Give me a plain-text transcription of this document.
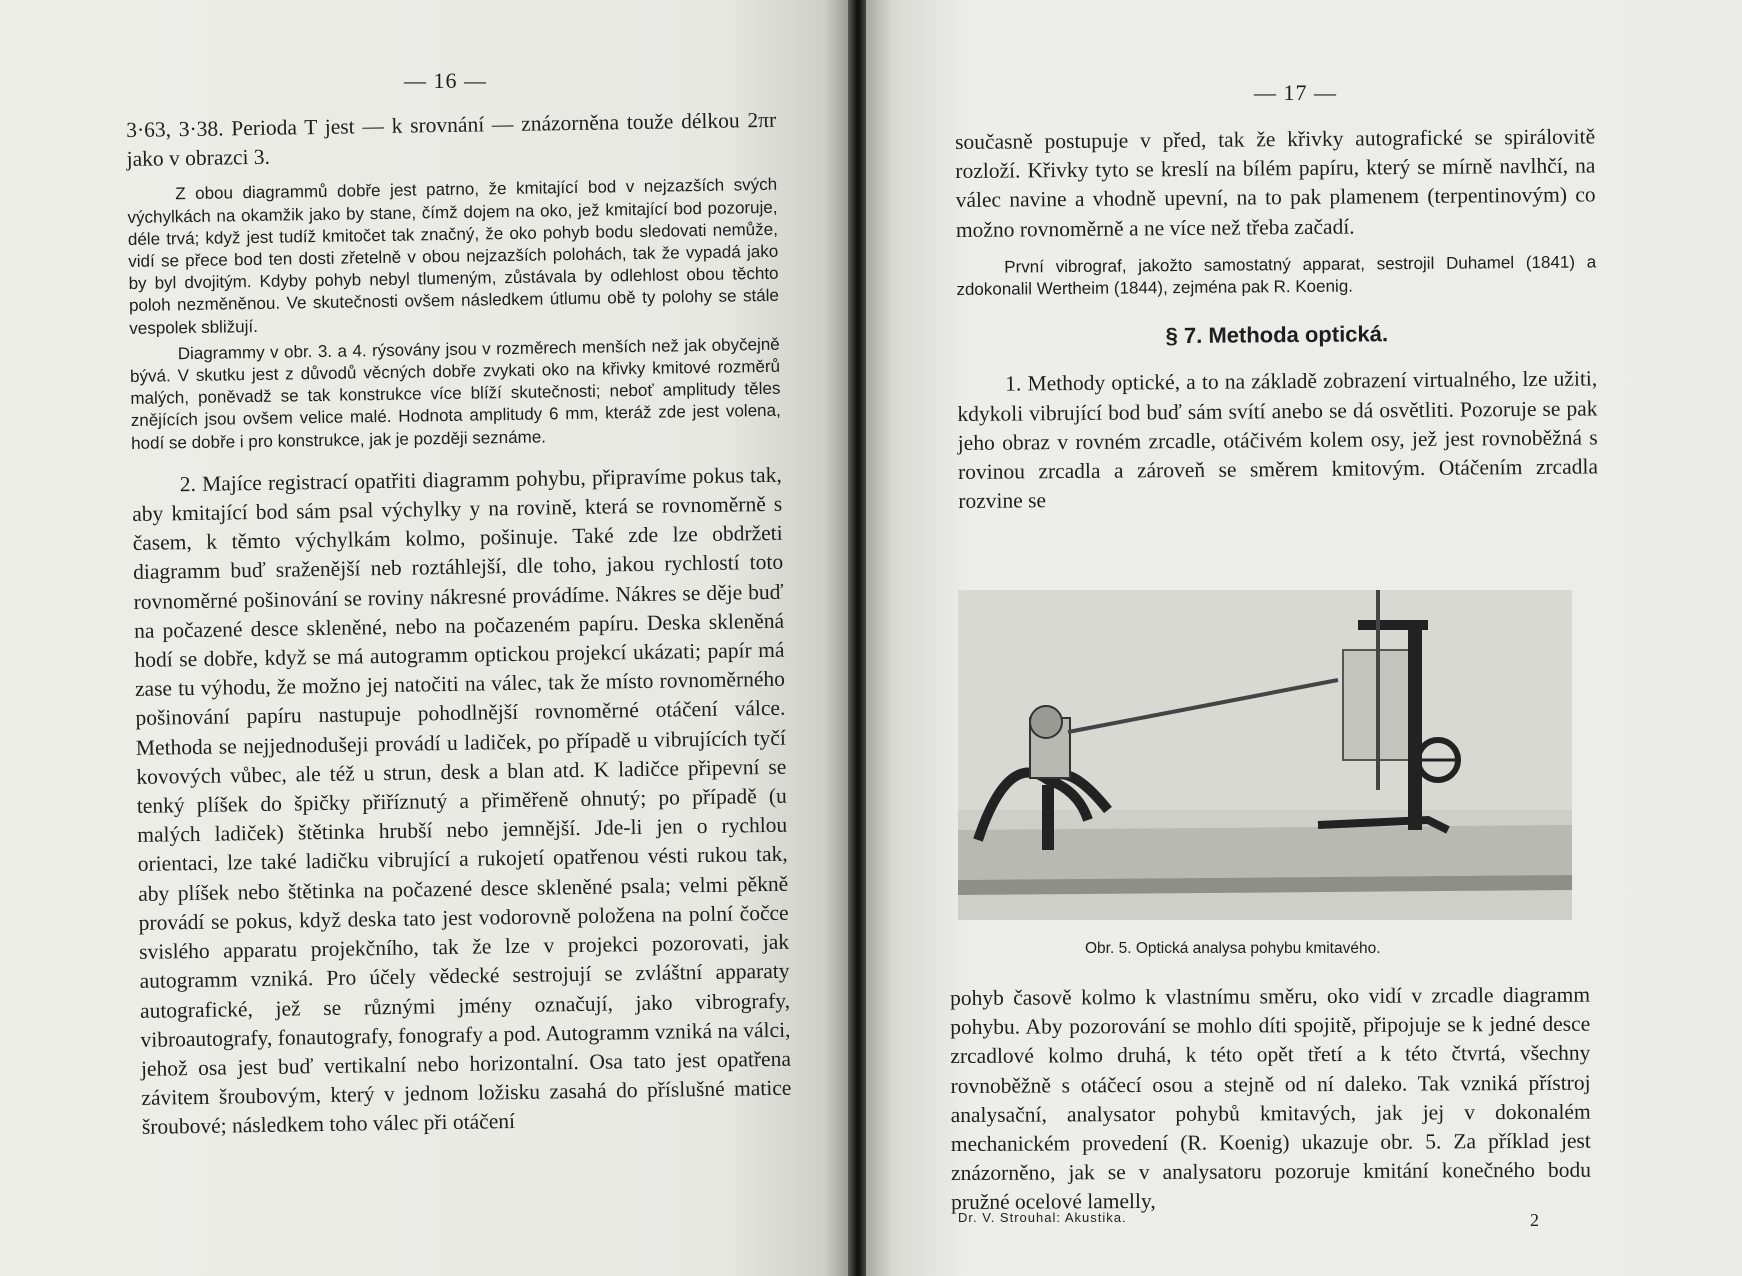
— 16 —

3·63, 3·38. Perioda T jest — k srovnání — znázorněna touže délkou 2πr jako v obrazci 3.

Z obou diagrammů dobře jest patrno, že kmitající bod v nejzazších svých výchylkách na okamžik jako by stane, čímž dojem na oko, jež kmitající bod pozoruje, déle trvá; když jest tudíž kmitočet tak značný, že oko pohyb bodu sledovati nemůže, vidí se přece bod ten dosti zřetelně v obou nejzazších polohách, tak že vypadá jako by byl dvojitým. Kdyby pohyb nebyl tlumeným, zůstávala by odlehlost obou těchto poloh nezměněnou. Ve skutečnosti ovšem následkem útlumu obě ty polohy se stále vespolek sbližují.

Diagrammy v obr. 3. a 4. rýsovány jsou v rozměrech menších než jak obyčejně bývá. V skutku jest z důvodů věcných dobře zvykati oko na křivky kmitové rozměrů malých, poněvadž se tak konstrukce více blíží skutečnosti; neboť amplitudy těles znějících jsou ovšem velice malé. Hodnota amplitudy 6 mm, kteráž zde jest volena, hodí se dobře i pro konstrukce, jak je později seznáme.

2. Majíce registrací opatřiti diagramm pohybu, připravíme pokus tak, aby kmitající bod sám psal výchylky y na rovině, která se rovnoměrně s časem, k těmto výchylkám kolmo, pošinuje. Také zde lze obdržeti diagramm buď sraženější neb roztáhlejší, dle toho, jakou rychlostí toto rovnoměrné pošinování se roviny nákresné provádíme. Nákres se děje buď na počazené desce skleněné, nebo na počazeném papíru. Deska skleněná hodí se dobře, když se má autogramm optickou projekcí ukázati; papír má zase tu výhodu, že možno jej natočiti na válec, tak že místo rovnoměrného pošinování papíru nastupuje pohodlnější rovnoměrné otáčení válce. Methoda se nejjednodušeji provádí u ladiček, po případě u vibrujících tyčí kovových vůbec, ale též u strun, desk a blan atd. K ladičce připevní se tenký plíšek do špičky přiříznutý a přiměřeně ohnutý; po případě (u malých ladiček) štětinka hrubší nebo jemnější. Jde-li jen o rychlou orientaci, lze také ladičku vibrující a rukojetí opatřenou vésti rukou tak, aby plíšek nebo štětinka na počazené desce skleněné psala; velmi pěkně provádí se pokus, když deska tato jest vodorovně položena na polní čočce svislého apparatu projekčního, tak že lze v projekci pozorovati, jak autogramm vzniká. Pro účely vědecké sestrojují se zvláštní apparaty autografické, jež se různými jmény označují, jako vibrografy, vibroautografy, fonautografy, fonografy a pod. Autogramm vzniká na válci, jehož osa jest buď vertikalní nebo horizontalní. Osa tato jest opatřena závitem šroubovým, který v jednom ložisku zasahá do příslušné matice šroubové; následkem toho válec při otáčení

— 17 —

současně postupuje v před, tak že křivky autografické se spirálovitě rozloží. Křivky tyto se kreslí na bílém papíru, který se mírně navlhčí, na válec navine a vhodně upevní, na to pak plamenem (terpentinovým) co možno rovnoměrně a ne více než třeba začadí.

První vibrograf, jakožto samostatný apparat, sestrojil Duhamel (1841) a zdokonalil Wertheim (1844), zejména pak R. Koenig.

§ 7. Methoda optická.

1. Methody optické, a to na základě zobrazení virtualného, lze užiti, kdykoli vibrující bod buď sám svítí anebo se dá osvětliti. Pozoruje se pak jeho obraz v rovném zrcadle, otáčivém kolem osy, jež jest rovnoběžná s rovinou zrcadla a zároveň se směrem kmitovým. Otáčením zrcadla rozvine se

Obr. 5. Optická analysa pohybu kmitavého.

pohyb časově kolmo k vlastnímu směru, oko vidí v zrcadle diagramm pohybu. Aby pozorování se mohlo díti spojitě, připojuje se k jedné desce zrcadlové kolmo druhá, k této opět třetí a k této čtvrtá, všechny rovnoběžně s otáčecí osou a stejně od ní daleko. Tak vzniká přístroj analysační, analysator pohybů kmitavých, jak jej v dokonalém mechanickém provedení (R. Koenig) ukazuje obr. 5. Za příklad jest znázorněno, jak se v analysatoru pozoruje kmitání konečného bodu pružné ocelové lamelly,

Dr. V. Strouhal: Akustika.	2
